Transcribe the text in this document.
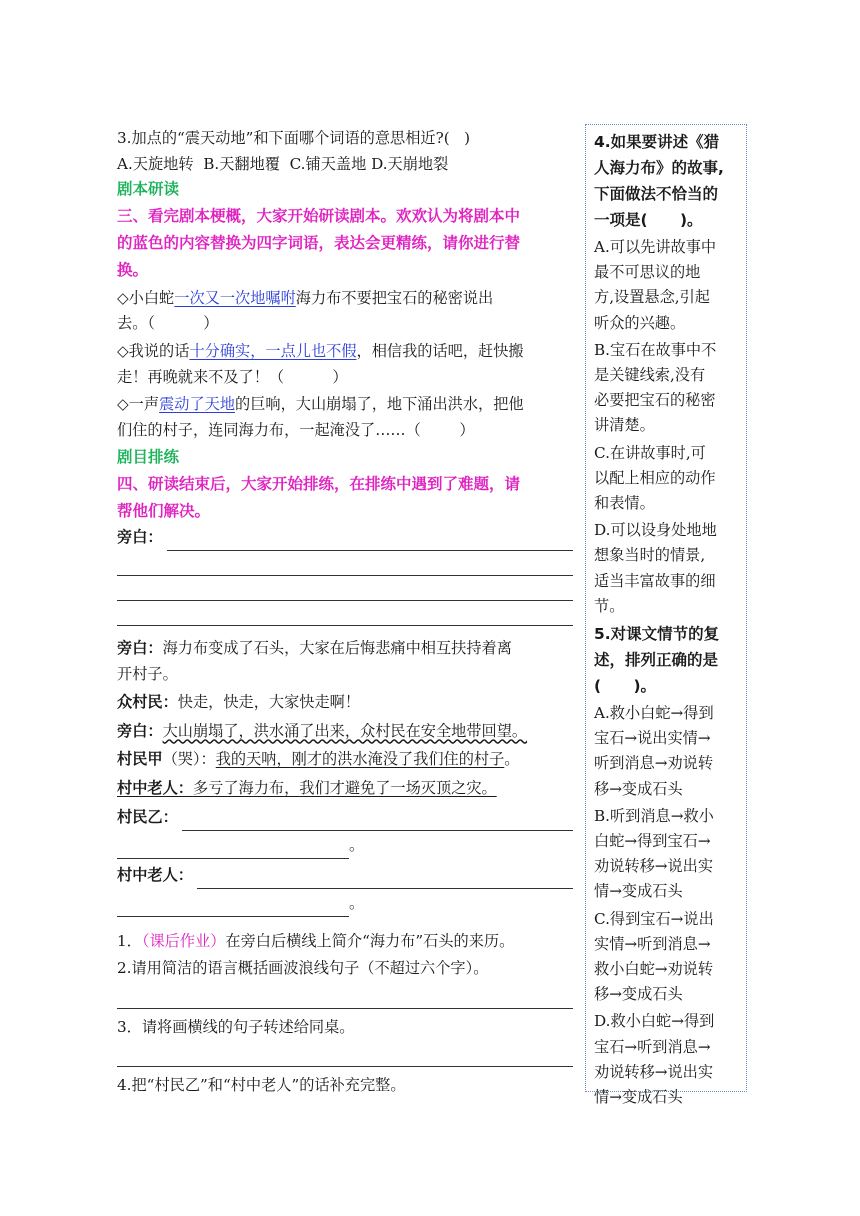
3.加点的“震天动地”和下面哪个词语的意思相近?(   )
A.天旋地转  B.天翻地覆  C.铺天盖地 D.天崩地裂
剧本研读
三、看完剧本梗概，大家开始研读剧本。欢欢认为将剧本中
的蓝色的内容替换为四字词语，表达会更精练，请你进行替
换。
◇小白蛇一次又一次地嘱咐海力布不要把宝石的秘密说出
去。（          ）
◇我说的话十分确实，一点儿也不假，相信我的话吧，赶快搬
走！再晚就来不及了！（          ）
◇一声震动了天地的巨响，大山崩塌了，地下涌出洪水，把他
们住的村子，连同海力布，一起淹没了……（        ）
剧目排练
四、研读结束后，大家开始排练，在排练中遇到了难题，请
帮他们解决。
旁白：
旁白：海力布变成了石头，大家在后悔悲痛中相互扶持着离
开村子。
众村民：快走，快走，大家快走啊！
旁白：大山崩塌了，洪水涌了出来，众村民在安全地带回望。
村民甲（哭）：我的天呐，刚才的洪水淹没了我们住的村子。
村中老人：多亏了海力布，我们才避免了一场灭顶之灾。
村民乙：
。
村中老人：
。
1．（课后作业）在旁白后横线上简介“海力布”石头的来历。
2.请用简洁的语言概括画波浪线句子（不超过六个字）。
3．请将画横线的句子转述给同桌。
4.把“村民乙”和“村中老人”的话补充完整。
4.如果要讲述《猎
人海力布》的故事,
下面做法不恰当的
一项是(      )。
A.可以先讲故事中
最不可思议的地
方,设置悬念,引起
听众的兴趣。
B.宝石在故事中不
是关键线索,没有
必要把宝石的秘密
讲清楚。
C.在讲故事时,可
以配上相应的动作
和表情。
D.可以设身处地地
想象当时的情景,
适当丰富故事的细
节。
5.对课文情节的复
述，排列正确的是
(      )。
A.救小白蛇→得到
宝石→说出实情→
听到消息→劝说转
移→变成石头
B.听到消息→救小
白蛇→得到宝石→
劝说转移→说出实
情→变成石头
C.得到宝石→说出
实情→听到消息→
救小白蛇→劝说转
移→变成石头
D.救小白蛇→得到
宝石→听到消息→
劝说转移→说出实
情→变成石头
